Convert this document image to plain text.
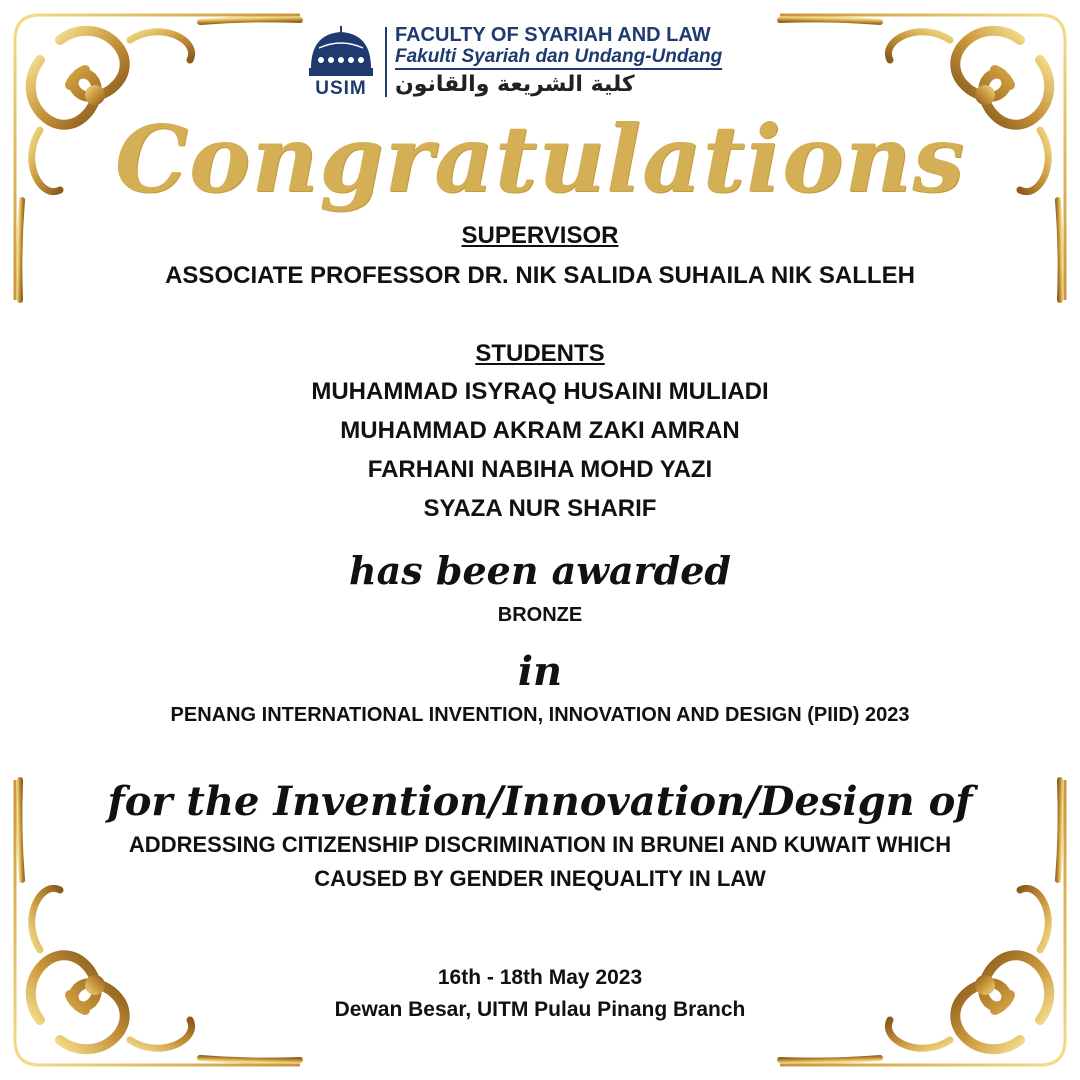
USIM
FACULTY OF SYARIAH AND LAW
Fakulti Syariah dan Undang-Undang
كلية الشريعة والقانون
Congratulations
SUPERVISOR
ASSOCIATE PROFESSOR DR. NIK SALIDA SUHAILA NIK SALLEH
STUDENTS
MUHAMMAD ISYRAQ HUSAINI MULIADI
MUHAMMAD AKRAM ZAKI AMRAN
FARHANI NABIHA MOHD YAZI
SYAZA NUR SHARIF
has been awarded
BRONZE
in
PENANG INTERNATIONAL INVENTION, INNOVATION AND DESIGN (PIID) 2023
for the Invention/Innovation/Design of
ADDRESSING CITIZENSHIP DISCRIMINATION IN BRUNEI AND KUWAIT WHICH
CAUSED BY GENDER INEQUALITY IN LAW
16th - 18th May 2023
Dewan Besar, UITM Pulau Pinang Branch
